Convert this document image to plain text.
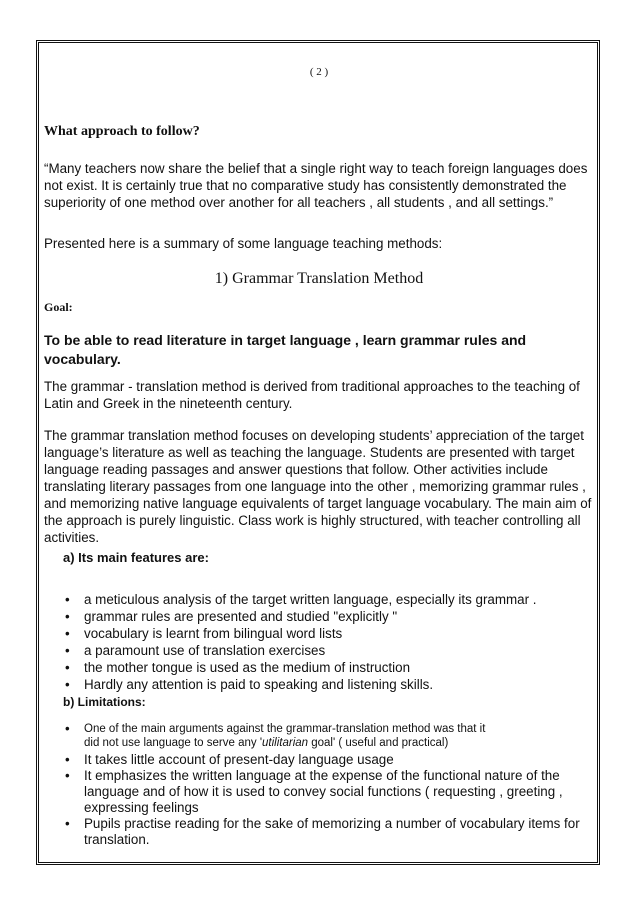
( 2 )

What approach to follow?

“Many teachers now share the belief that a single right way to teach foreign languages does not exist. It is certainly true that no comparative study has consistently demonstrated the superiority of one method over another for all teachers , all students , and all settings.”

Presented here is a summary of some language teaching methods:

1) Grammar Translation Method

Goal:

To be able to read literature in target language , learn grammar rules and vocabulary.

The grammar - translation method is derived from traditional approaches to the teaching of Latin and Greek in the nineteenth century.

The grammar translation method focuses on developing students’ appreciation of the target language’s literature as well as teaching the language. Students are presented with target language reading passages and answer questions that follow. Other activities include translating literary passages from one language into the other , memorizing grammar rules , and memorizing native language equivalents of target language vocabulary. The main aim of the approach is purely linguistic. Class work is highly structured, with teacher controlling all activities.

a) Its main features are:

• a meticulous analysis of the target written language, especially its grammar .
• grammar rules are presented and studied "explicitly "
• vocabulary is learnt from bilingual word lists
• a paramount use of translation exercises
• the mother tongue is used as the medium of instruction
• Hardly any attention is paid to speaking and listening skills.

b) Limitations:

• One of the main arguments against the grammar-translation method was that it
did not use language to serve any 'utilitarian goal' ( useful and practical)
• It takes little account of present-day language usage
• It emphasizes the written language at the expense of the functional nature of the language and of how it is used to convey social functions ( requesting , greeting , expressing feelings
• Pupils practise reading for the sake of memorizing a number of vocabulary items for translation.
